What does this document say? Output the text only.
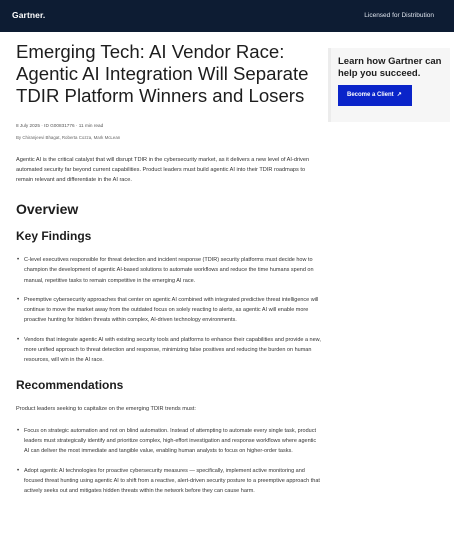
Gartner.	Licensed for Distribution
Emerging Tech: AI Vendor Race:
Agentic AI Integration Will Separate
TDIR Platform Winners and Losers
8 July 2025 · ID G00831776 · 11 min read
By Chiranjeevi Bhagat, Roberta Cozza, Mark McLean

Agentic AI is the critical catalyst that will disrupt TDIR in the cybersecurity market, as it delivers a new level of AI-driven automated security far beyond current capabilities. Product leaders must build agentic AI into their TDIR roadmaps to remain relevant and differentiate in the AI race.

Overview
Key Findings
• C-level executives responsible for threat detection and incident response (TDIR) security platforms must decide how to champion the development of agentic AI-based solutions to automate workflows and reduce the time humans spend on manual, repetitive tasks to remain competitive in the emerging AI race.
• Preemptive cybersecurity approaches that center on agentic AI combined with integrated predictive threat intelligence will continue to move the market away from the outdated focus on solely reacting to alerts, as agentic AI will enable more proactive hunting for hidden threats within complex, AI-driven technology environments.
• Vendors that integrate agentic AI with existing security tools and platforms to enhance their capabilities and provide a new, more unified approach to threat detection and response, minimizing false positives and reducing the burden on human resources, will win in the AI race.
Recommendations

Product leaders seeking to capitalize on the emerging TDIR trends must:

• Focus on strategic automation and not on blind automation. Instead of attempting to automate every single task, product leaders must strategically identify and prioritize complex, high-effort investigation and response workflows where agentic AI can deliver the most immediate and tangible value, enabling human analysts to focus on higher-order tasks.
• Adopt agentic AI technologies for proactive cybersecurity measures — specifically, implement active monitoring and focused threat hunting using agentic AI to shift from a reactive, alert-driven security posture to a preemptive approach that actively seeks out and mitigates hidden threats within the network before they can cause harm.
Learn how Gartner can help you succeed.
Become a Client ↗
